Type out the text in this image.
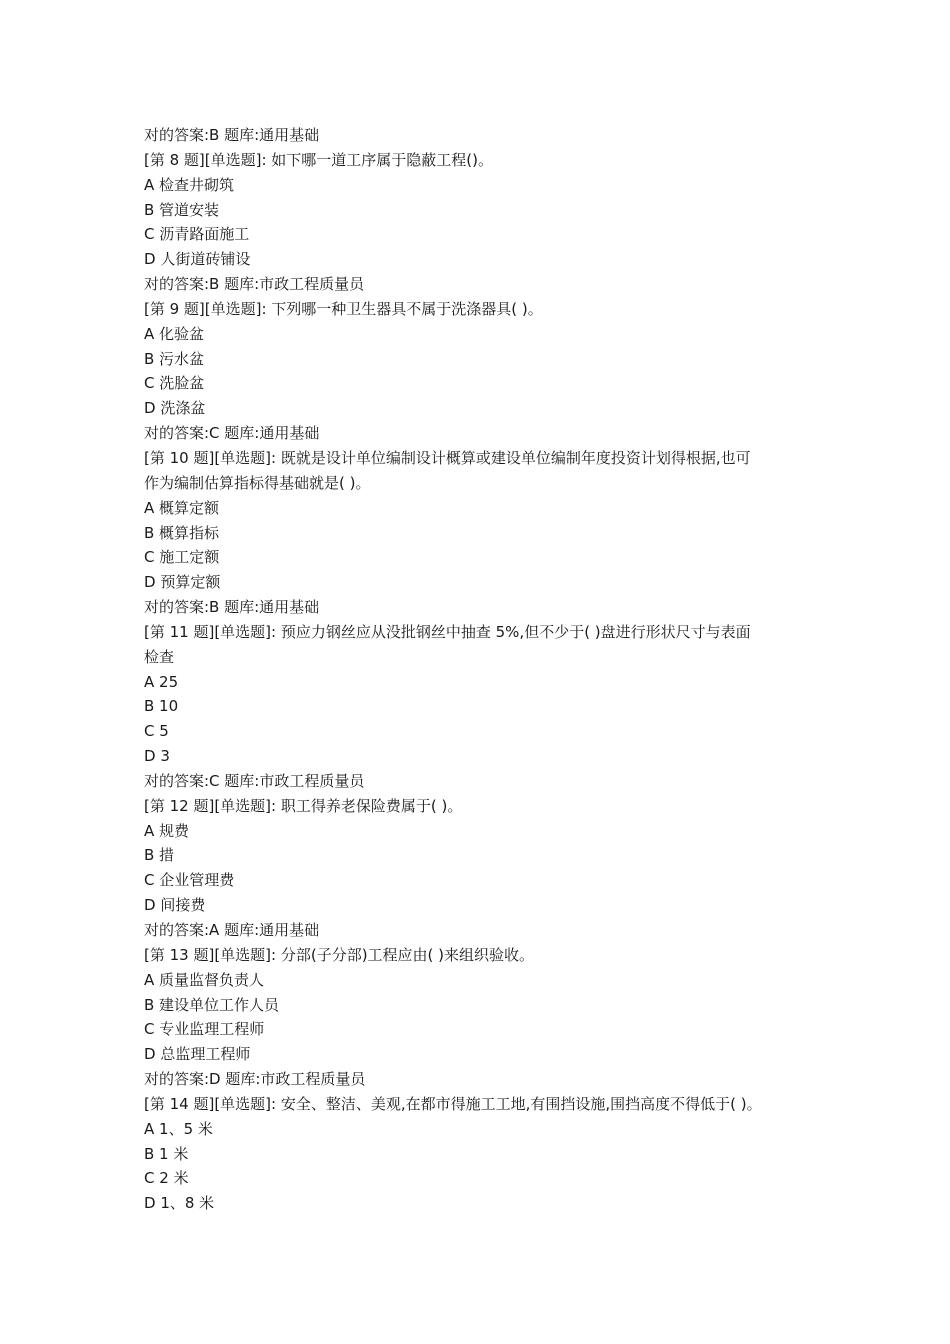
对的答案:B 题库:通用基础
[第 8 题][单选题]: 如下哪一道工序属于隐蔽工程()。
A 检查井砌筑
B 管道安装
C 沥青路面施工
D 人街道砖铺设
对的答案:B 题库:市政工程质量员
[第 9 题][单选题]: 下列哪一种卫生器具不属于洗涤器具( )。
A 化验盆
B 污水盆
C 洗脸盆
D 洗涤盆
对的答案:C 题库:通用基础
[第 10 题][单选题]: 既就是设计单位编制设计概算或建设单位编制年度投资计划得根据,也可
作为编制估算指标得基础就是( )。
A 概算定额
B 概算指标
C 施工定额
D 预算定额
对的答案:B 题库:通用基础
[第 11 题][单选题]: 预应力钢丝应从没批钢丝中抽查 5%,但不少于( )盘进行形状尺寸与表面
检查
A 25
B 10
C 5
D 3
对的答案:C 题库:市政工程质量员
[第 12 题][单选题]: 职工得养老保险费属于( )。
A 规费
B 措
C 企业管理费
D 间接费
对的答案:A 题库:通用基础
[第 13 题][单选题]: 分部(子分部)工程应由( )来组织验收。
A 质量监督负责人
B 建设单位工作人员
C 专业监理工程师
D 总监理工程师
对的答案:D 题库:市政工程质量员
[第 14 题][单选题]: 安全、整洁、美观,在都市得施工工地,有围挡设施,围挡高度不得低于( )。
A 1、5 米
B 1 米
C 2 米
D 1、8 米
